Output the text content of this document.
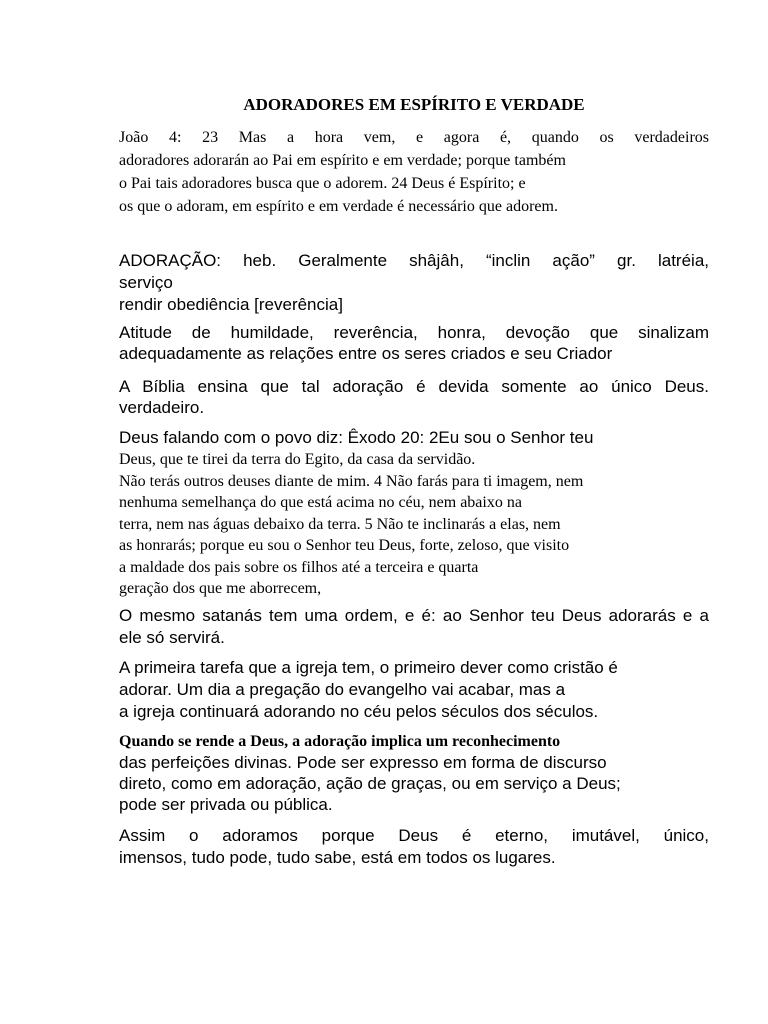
ADORADORES EM ESPÍRITO E VERDADE
João 4: 23 Mas a hora vem, e agora é, quando os verdadeiros
adoradores adorarán ao Pai em espírito e em verdade; porque também
o Pai tais adoradores busca que o adorem. 24 Deus é Espírito; e
os que o adoram, em espírito e em verdade é necessário que adorem.
ADORAÇÃO: heb. Geralmente shâjâh, “inclin ação” gr. latréia,
serviço
rendir obediência [reverência]
Atitude de humildade, reverência, honra, devoção que sinalizam
adequadamente as relações entre os seres criados e seu Criador
A Bíblia ensina que tal adoração é devida somente ao único Deus.
verdadeiro.
Deus falando com o povo diz: Êxodo 20: 2Eu sou o Senhor teu
Deus, que te tirei da terra do Egito, da casa da servidão.
Não terás outros deuses diante de mim. 4 Não farás para ti imagem, nem
nenhuma semelhança do que está acima no céu, nem abaixo na
terra, nem nas águas debaixo da terra. 5 Não te inclinarás a elas, nem
as honrarás; porque eu sou o Senhor teu Deus, forte, zeloso, que visito
a maldade dos pais sobre os filhos até a terceira e quarta
geração dos que me aborrecem,
O mesmo satanás tem uma ordem, e é: ao Senhor teu Deus adorarás e a
ele só servirá.
A primeira tarefa que a igreja tem, o primeiro dever como cristão é
adorar. Um dia a pregação do evangelho vai acabar, mas a
a igreja continuará adorando no céu pelos séculos dos séculos.
Quando se rende a Deus, a adoração implica um reconhecimento
das perfeições divinas. Pode ser expresso em forma de discurso
direto, como em adoração, ação de graças, ou em serviço a Deus;
pode ser privada ou pública.
Assim o adoramos porque Deus é eterno, imutável, único,
imensos, tudo pode, tudo sabe, está em todos os lugares.
